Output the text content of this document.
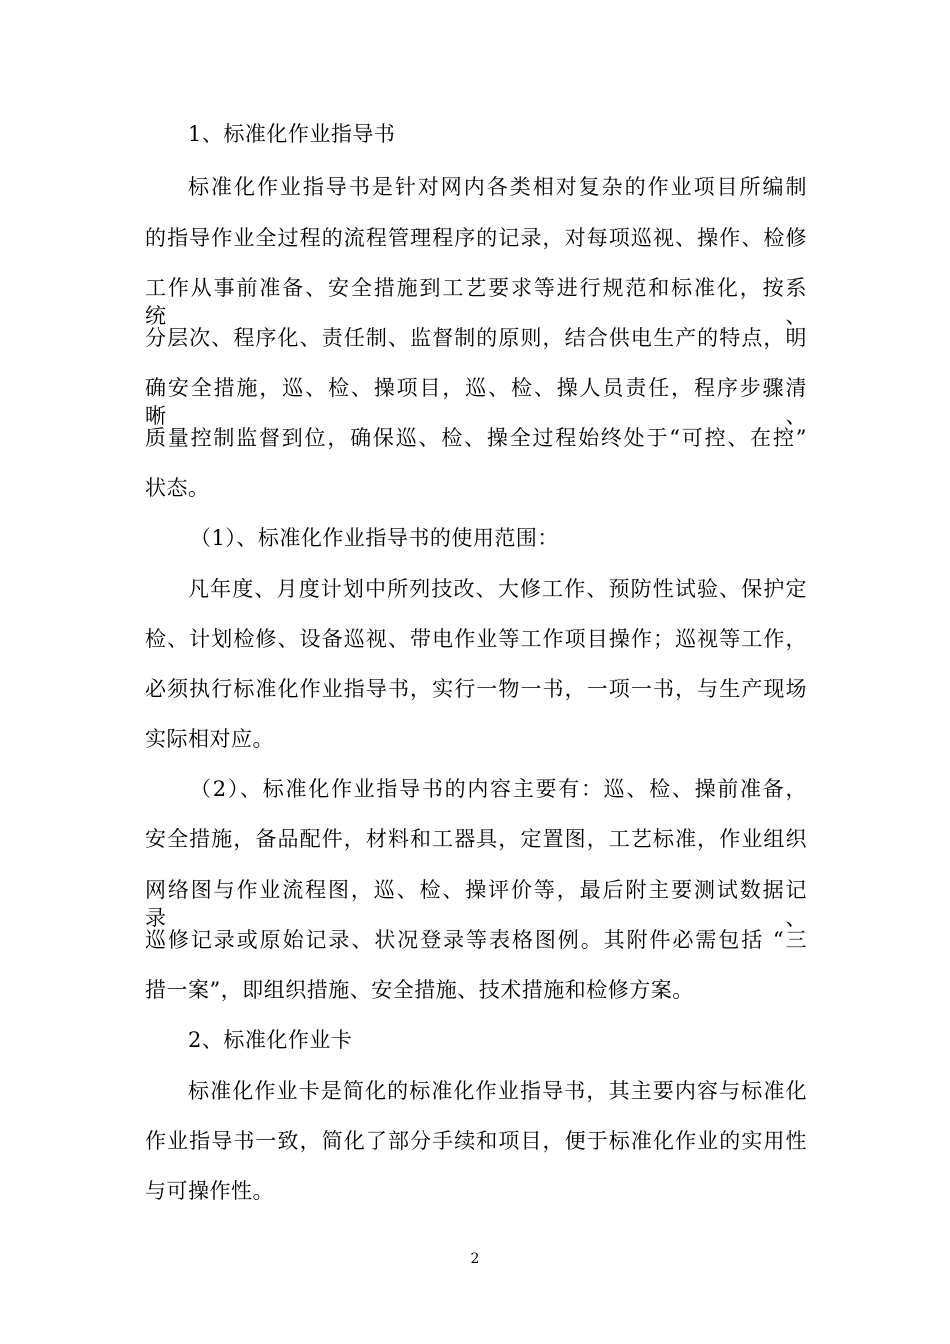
1、标准化作业指导书
标准化作业指导书是针对网内各类相对复杂的作业项目所编制
的指导作业全过程的流程管理程序的记录，对每项巡视、操作、检修
工作从事前准备、安全措施到工艺要求等进行规范和标准化，按系统、
分层次、程序化、责任制、监督制的原则，结合供电生产的特点，明
确安全措施，巡、检、操项目，巡、检、操人员责任，程序步骤清晰、
质量控制监督到位，确保巡、检、操全过程始终处于“可控、在控”
状态。
（1）、标准化作业指导书的使用范围：
凡年度、月度计划中所列技改、大修工作、预防性试验、保护定
检、计划检修、设备巡视、带电作业等工作项目操作；巡视等工作，
必须执行标准化作业指导书，实行一物一书，一项一书，与生产现场
实际相对应。
（2）、标准化作业指导书的内容主要有：巡、检、操前准备，
安全措施，备品配件，材料和工器具，定置图，工艺标准，作业组织
网络图与作业流程图，巡、检、操评价等，最后附主要测试数据记录、
巡修记录或原始记录、状况登录等表格图例。其附件必需包括 “三
措一案”，即组织措施、安全措施、技术措施和检修方案。
2、标准化作业卡
标准化作业卡是简化的标准化作业指导书，其主要内容与标准化
作业指导书一致，简化了部分手续和项目，便于标准化作业的实用性
与可操作性。
2
